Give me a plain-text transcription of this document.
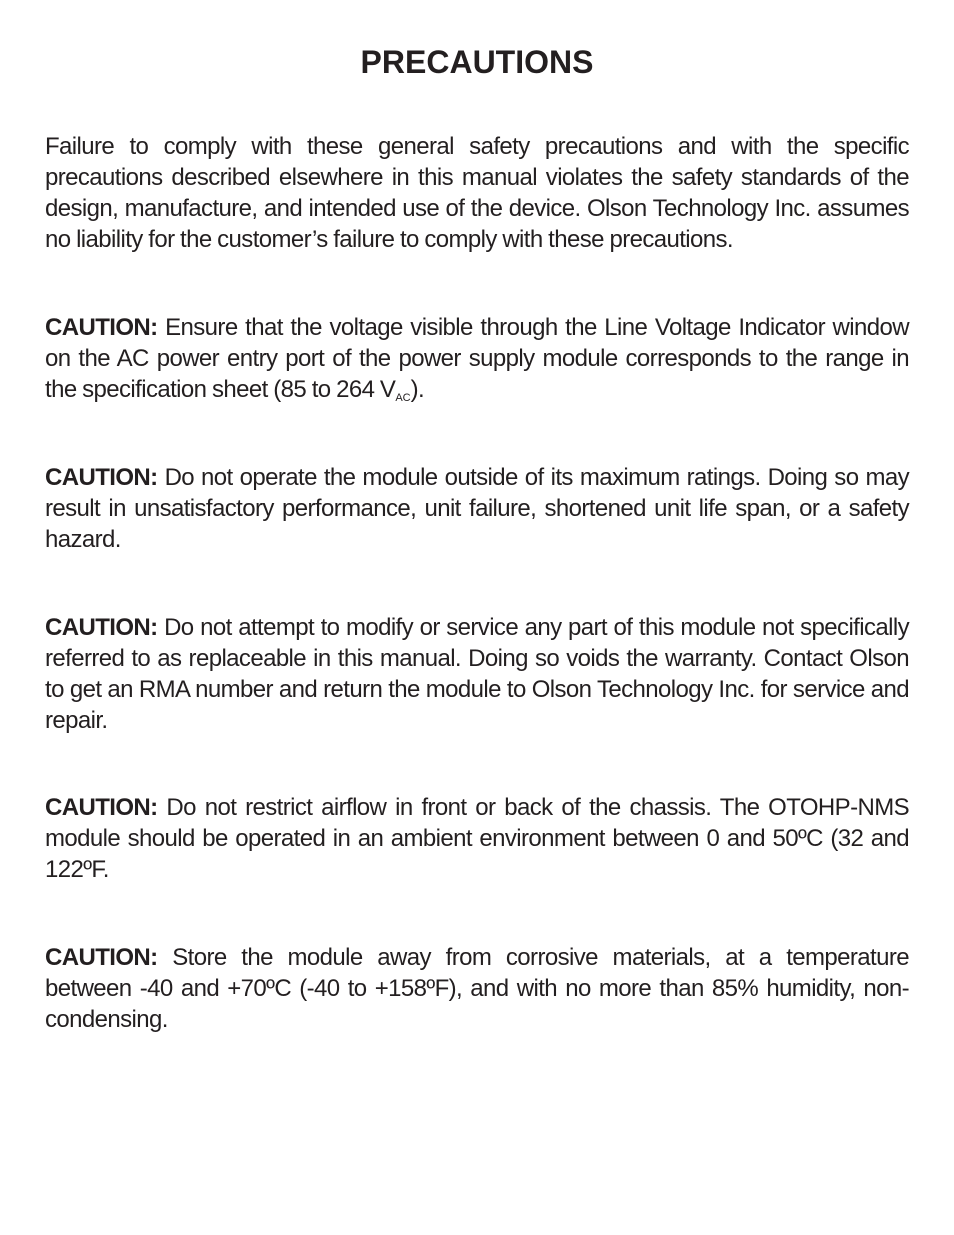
PRECAUTIONS

Failure to comply with these general safety precautions and with the specific precautions described elsewhere in this manual violates the safety standards of the design, manufacture, and intended use of the device. Olson Technology Inc. assumes no liability for the customer’s failure to comply with these precautions.

CAUTION: Ensure that the voltage visible through the Line Voltage Indicator window on the AC power entry port of the power supply module corresponds to the range in the specification sheet (85 to 264 $V_{AC}$).

CAUTION: Do not operate the module outside of its maximum ratings. Doing so may result in unsatisfactory performance, unit failure, shortened unit life span, or a safety hazard.

CAUTION: Do not attempt to modify or service any part of this module not specifically referred to as replaceable in this manual. Doing so voids the warranty. Contact Olson to get an RMA number and return the module to Olson Technology Inc. for service and repair.

CAUTION: Do not restrict airflow in front or back of the chassis. The OTOHP-NMS module should be operated in an ambient environment between 0 and 50ºC (32 and 122ºF.

CAUTION: Store the module away from corrosive materials, at a temperature between -40 and +70ºC (-40 to +158ºF), and with no more than 85% humidity, non-condensing.
